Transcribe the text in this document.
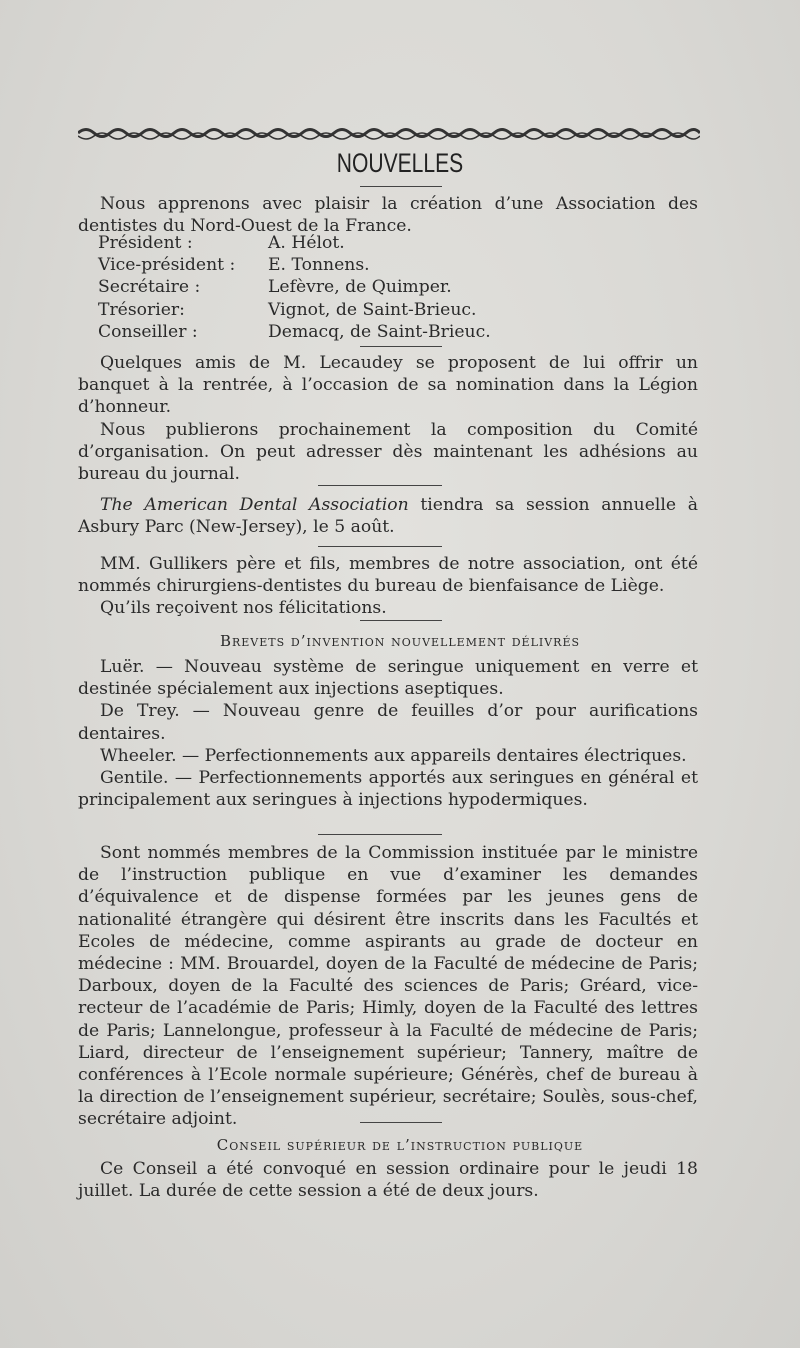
NOUVELLES

Nous apprenons avec plaisir la création d’une Association des dentistes du Nord-Ouest de la France.

Président :	A. Hélot.
Vice-président :	E. Tonnens.
Secrétaire :	Lefèvre, de Quimper.
Trésorier:	Vignot, de Saint-Brieuc.
Conseiller :	Demacq, de Saint-Brieuc.

Quelques amis de M. Lecaudey se proposent de lui offrir un banquet à la rentrée, à l’occasion de sa nomination dans la Légion d’honneur.

Nous publierons prochainement la composition du Comité d’organisation. On peut adresser dès maintenant les adhésions au bureau du journal.

The American Dental Association tiendra sa session annuelle à Asbury Parc (New-Jersey), le 5 août.

MM. Gullikers père et fils, membres de notre association, ont été nommés chirurgiens-dentistes du bureau de bienfaisance de Liège.

Qu’ils reçoivent nos félicitations.

Brevets d’invention nouvellement délivrés

Luër. — Nouveau système de seringue uniquement en verre et destinée spécialement aux injections aseptiques.

De Trey. — Nouveau genre de feuilles d’or pour aurifications dentaires.

Wheeler. — Perfectionnements aux appareils dentaires électriques.

Gentile. — Perfectionnements apportés aux seringues en général et principalement aux seringues à injections hypodermiques.

Sont nommés membres de la Commission instituée par le ministre de l’instruction publique en vue d’examiner les demandes d’équivalence et de dispense formées par les jeunes gens de nationalité étrangère qui désirent être inscrits dans les Facultés et Ecoles de médecine, comme aspirants au grade de docteur en médecine : MM. Brouardel, doyen de la Faculté de médecine de Paris; Darboux, doyen de la Faculté des sciences de Paris; Gréard, vice-recteur de l’académie de Paris; Himly, doyen de la Faculté des lettres de Paris; Lannelongue, professeur à la Faculté de médecine de Paris; Liard, directeur de l’enseignement supérieur; Tannery, maître de conférences à l’Ecole normale supérieure; Générès, chef de bureau à la direction de l’enseignement supérieur, secrétaire; Soulès, sous-chef, secrétaire adjoint.

Conseil supérieur de l’instruction publique

Ce Conseil a été convoqué en session ordinaire pour le jeudi 18 juillet. La durée de cette session a été de deux jours.
